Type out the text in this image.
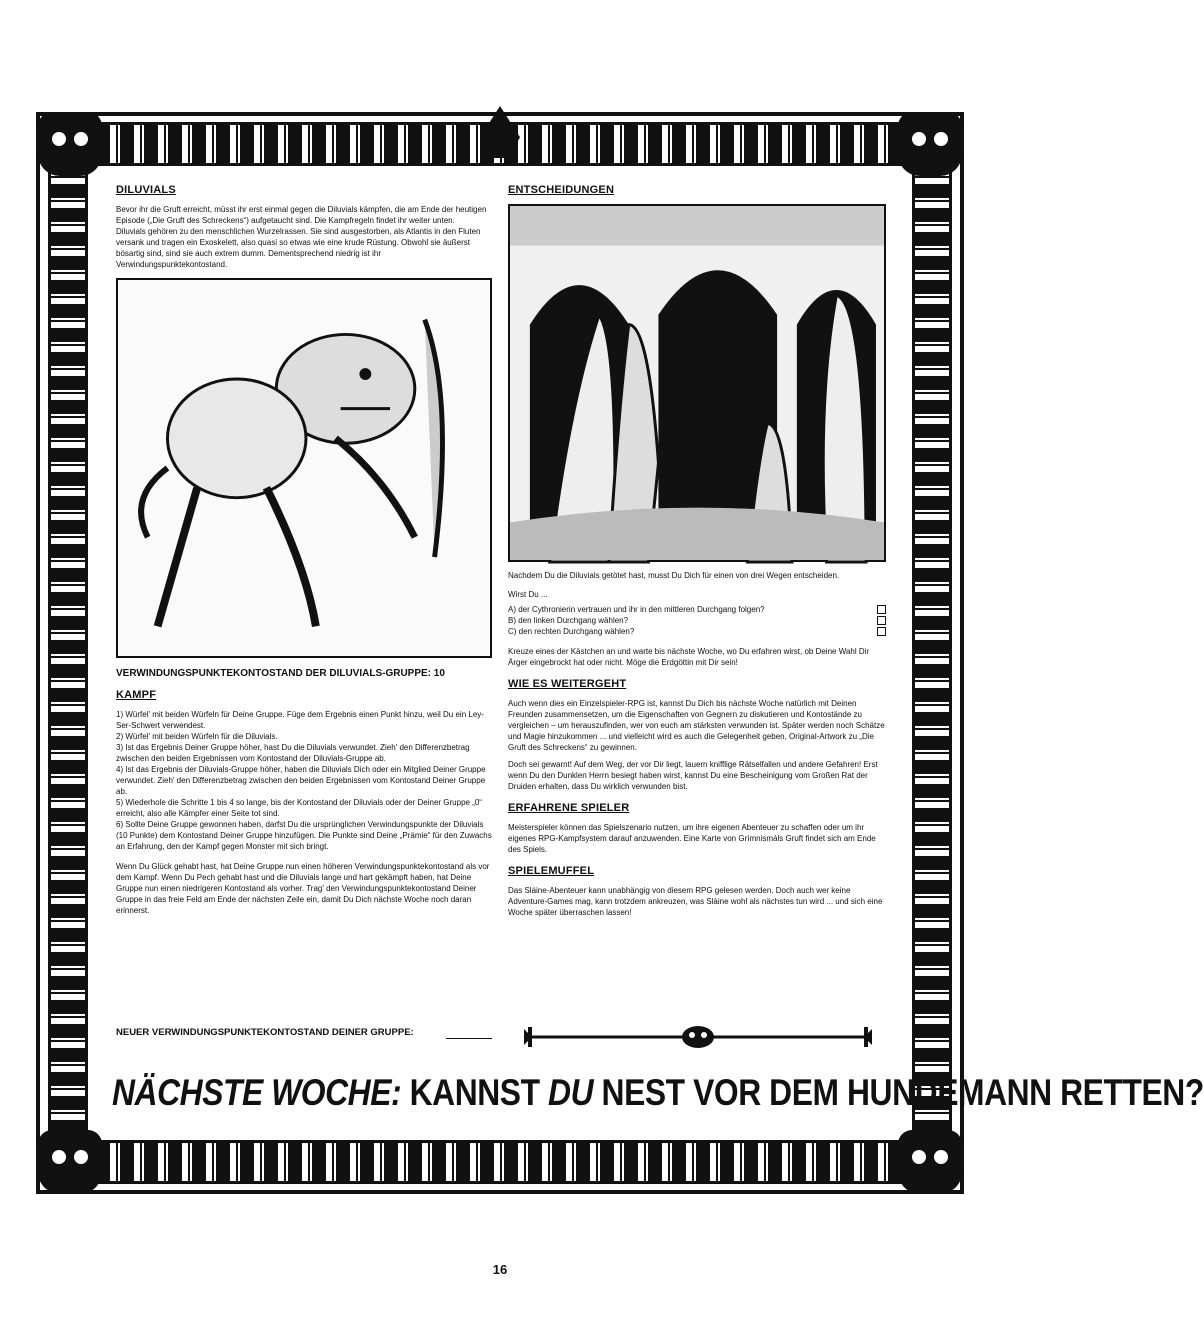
DILUVIALS

Bevor ihr die Gruft erreicht, müsst ihr erst einmal gegen die Diluvials kämpfen, die am Ende der heutigen Episode („Die Gruft des Schreckens“) aufgetaucht sind. Die Kampfregeln findet ihr weiter unten.

Diluvials gehören zu den menschlichen Wurzelrassen. Sie sind ausgestorben, als Atlantis in den Fluten versank und tragen ein Exoskelett, also quasi so etwas wie eine krude Rüstung. Obwohl sie äußerst bösartig sind, sind sie auch extrem dumm. Dementsprechend niedrig ist ihr Verwindungspunktekontostand.

VERWINDUNGSPUNKTEKONTOSTAND DER DILUVIALS-GRUPPE: 10
KAMPF
1) Würfel' mit beiden Würfeln für Deine Gruppe. Füge dem Ergebnis einen Punkt hinzu, weil Du ein Ley-Ser-Schwert verwendest.
2) Würfel' mit beiden Würfeln für die Diluvials.
3) Ist das Ergebnis Deiner Gruppe höher, hast Du die Diluvials verwundet. Zieh' den Differenzbetrag zwischen den beiden Ergebnissen vom Kontostand der Diluvials-Gruppe ab.
4) Ist das Ergebnis der Diluvials-Gruppe höher, haben die Diluvials Dich oder ein Mitglied Deiner Gruppe verwundet. Zieh' den Differenzbetrag zwischen den beiden Ergebnissen vom Kontostand Deiner Gruppe ab.
5) Wiederhole die Schritte 1 bis 4 so lange, bis der Kontostand der Diluvials oder der Deiner Gruppe „0“ erreicht, also alle Kämpfer einer Seite tot sind.
6) Solltе Deine Gruppe gewonnen haben, darfst Du die ursprünglichen Verwindungspunkte der Diluvials (10 Punkte) dem Kontostand Deiner Gruppe hinzufügen. Die Punkte sind Deine „Prämie“ für den Zuwachs an Erfahrung, den der Kampf gegen Monster mit sich bringt.

Wenn Du Glück gehabt hast, hat Deine Gruppe nun einen höheren Verwindungspunktekontostand als vor dem Kampf. Wenn Du Pech gehabt hast und die Diluvials lange und hart gekämpft haben, hat Deine Gruppe nun einen niedrigeren Kontostand als vorher. Trag' den Verwindungspunktekontostand Deiner Gruppe in das freie Feld am Ende der nächsten Zeile ein, damit Du Dich nächste Woche noch daran erinnerst.

NEUER VERWINDUNGSPUNKTEKONTOSTAND DEINER GRUPPE:
ENTSCHEIDUNGEN

Nachdem Du die Diluvials getötet hast, musst Du Dich für einen von drei Wegen entscheiden.

Wirst Du ...

A) der Cythronierin vertrauen und ihr in den mittleren Durchgang folgen?
B) den linken Durchgang wählen?
C) den rechten Durchgang wählen?

Kreuze eines der Kästchen an und warte bis nächste Woche, wo Du erfahren wirst, ob Deine Wahl Dir Ärger eingebrockt hat oder nicht. Möge die Erdgöttin mit Dir sein!

WIE ES WEITERGEHT

Auch wenn dies ein Einzelspieler-RPG ist, kannst Du Dich bis nächste Woche natürlich mit Deinen Freunden zusammensetzen, um die Eigenschaften von Gegnern zu diskutieren und Kontostände zu vergleichen – um herauszufinden, wer von euch am stärksten verwunden ist. Später werden noch Schätze und Magie hinzukommen ... und vielleicht wird es auch die Gelegenheit geben, Original-Artwork zu „Die Gruft des Schreckens“ zu gewinnen.

Doch sei gewarnt! Auf dem Weg, der vor Dir liegt, lauern knifflige Rätselfallen und andere Gefahren! Erst wenn Du den Dunklen Herrn besiegt haben wirst, kannst Du eine Bescheinigung vom Großen Rat der Druiden erhalten, dass Du wirklich verwunden bist.

ERFAHRENE SPIELER

Meisterspieler können das Spielszenario nutzen, um ihre eigenen Abenteuer zu schaffen oder um ihr eigenes RPG-Kampfsystem darauf anzuwenden. Eine Karte von Grímnismáls Gruft findet sich am Ende des Spiels.

SPIELEMUFFEL

Das Sláine-Abenteuer kann unabhängig von diesem RPG gelesen werden. Doch auch wer keine Adventure-Games mag, kann trotzdem ankreuzen, was Sláine wohl als nächstes tun wird ... und sich eine Woche später überraschen lassen!

NÄCHSTE WOCHE: KANNST DU NEST VOR DEM HUNDEMANN RETTEN?
16
